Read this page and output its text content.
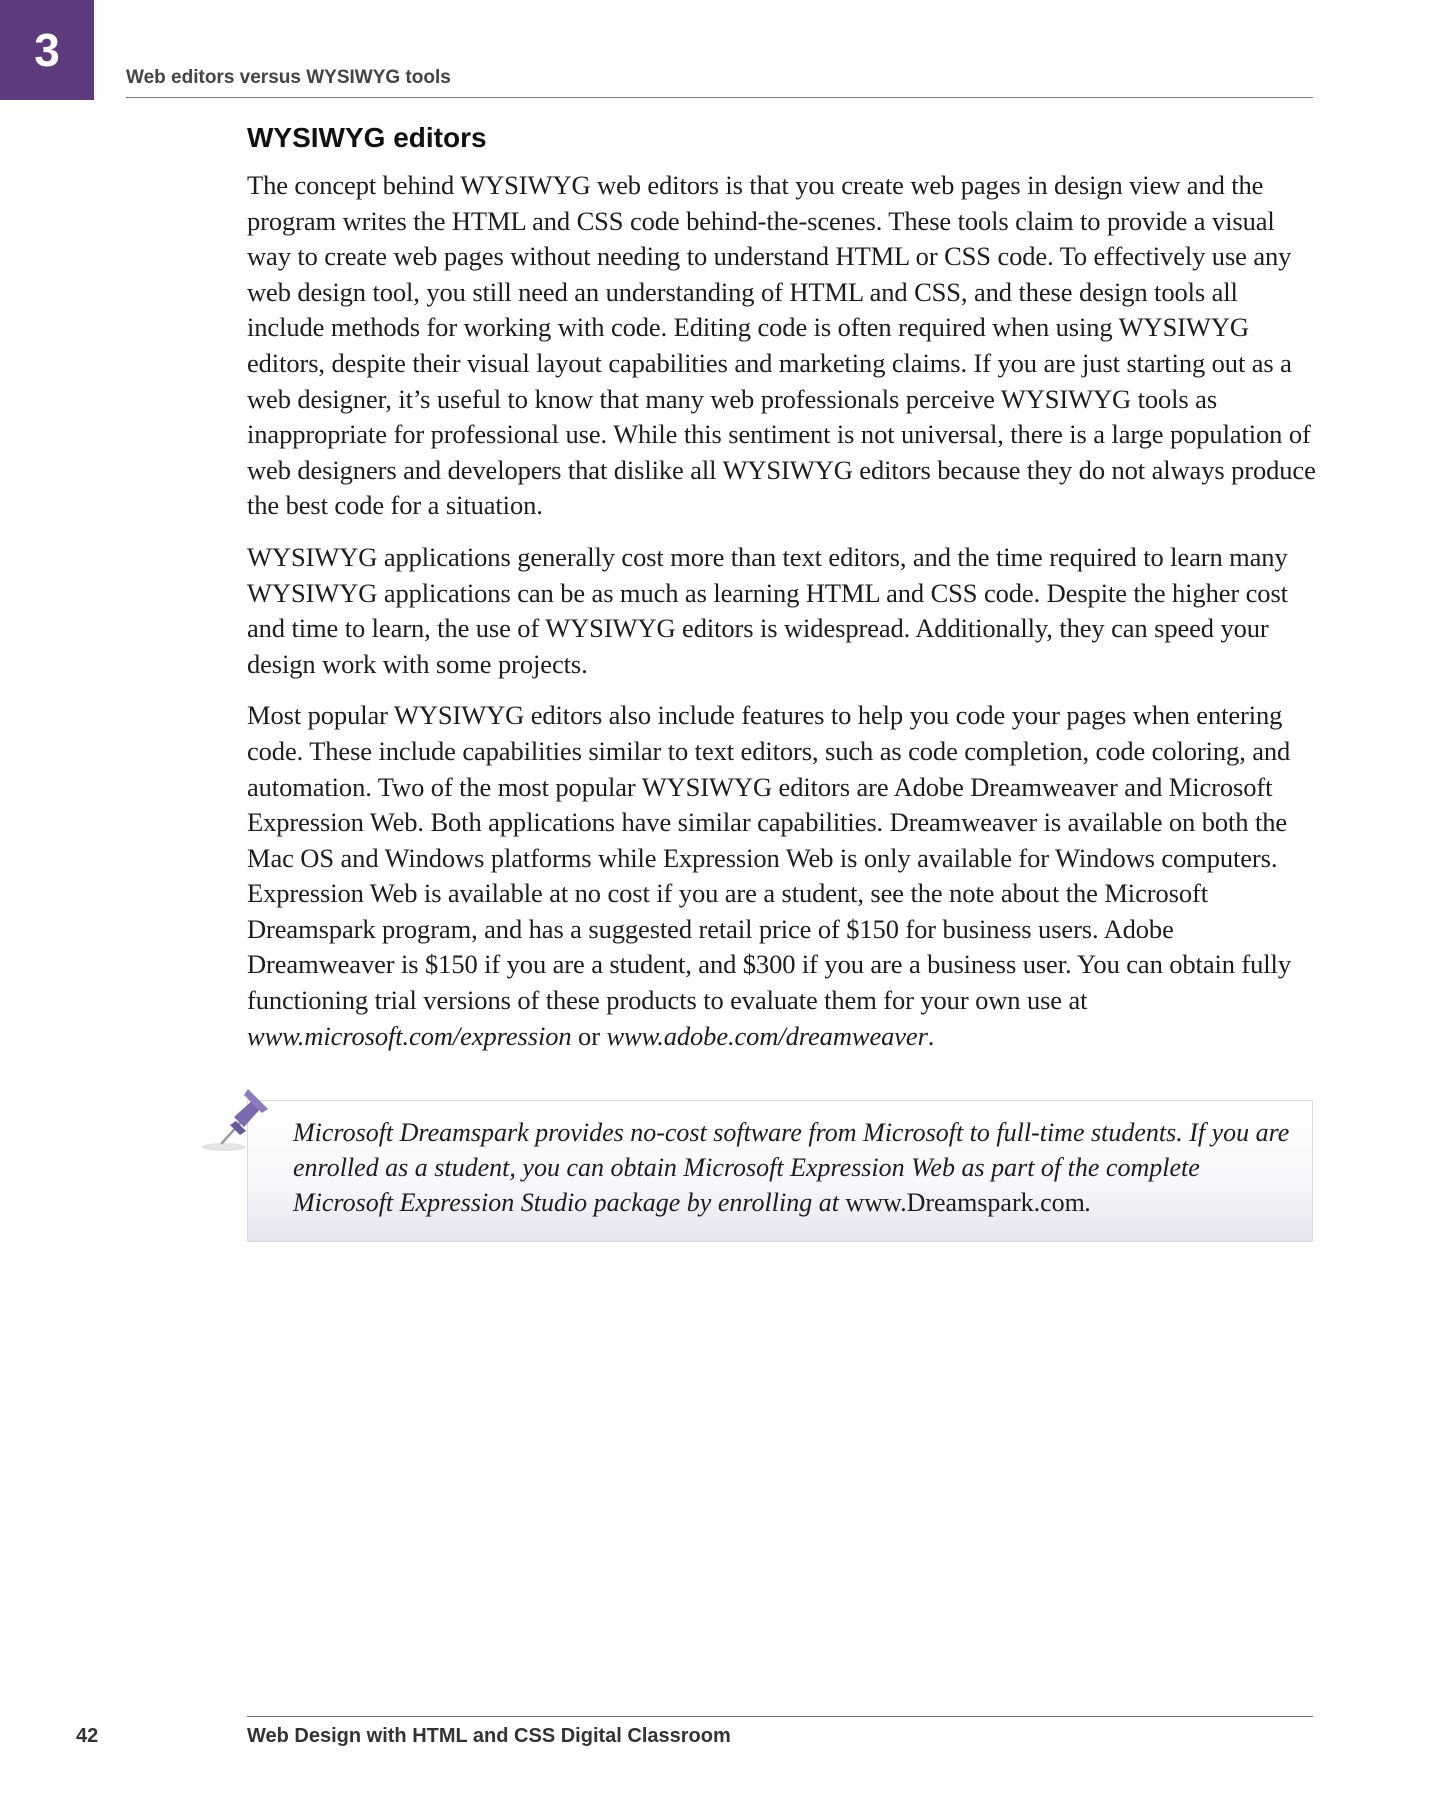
3
Web editors versus WYSIWYG tools
WYSIWYG editors

The concept behind WYSIWYG web editors is that you create web pages in design view and the program writes the HTML and CSS code behind-the-scenes. These tools claim to provide a visual way to create web pages without needing to understand HTML or CSS code. To effectively use any web design tool, you still need an understanding of HTML and CSS, and these design tools all include methods for working with code. Editing code is often required when using WYSIWYG editors, despite their visual layout capabilities and marketing claims. If you are just starting out as a web designer, it’s useful to know that many web professionals perceive WYSIWYG tools as inappropriate for professional use. While this sentiment is not universal, there is a large population of web designers and developers that dislike all WYSIWYG editors because they do not always produce the best code for a situation.

WYSIWYG applications generally cost more than text editors, and the time required to learn many WYSIWYG applications can be as much as learning HTML and CSS code. Despite the higher cost and time to learn, the use of WYSIWYG editors is widespread. Additionally, they can speed your design work with some projects.

Most popular WYSIWYG editors also include features to help you code your pages when entering code. These include capabilities similar to text editors, such as code completion, code coloring, and automation. Two of the most popular WYSIWYG editors are Adobe Dreamweaver and Microsoft Expression Web. Both applications have similar capabilities. Dreamweaver is available on both the Mac OS and Windows platforms while Expression Web is only available for Windows computers. Expression Web is available at no cost if you are a student, see the note about the Microsoft Dreamspark program, and has a suggested retail price of $150 for business users. Adobe Dreamweaver is $150 if you are a student, and $300 if you are a business user. You can obtain fully functioning trial versions of these products to evaluate them for your own use at www.microsoft.com/expression or www.adobe.com/dreamweaver.

Microsoft Dreamspark provides no-cost software from Microsoft to full-time students. If you are enrolled as a student, you can obtain Microsoft Expression Web as part of the complete Microsoft Expression Studio package by enrolling at www.Dreamspark.com.
42	Web Design with HTML and CSS Digital Classroom
